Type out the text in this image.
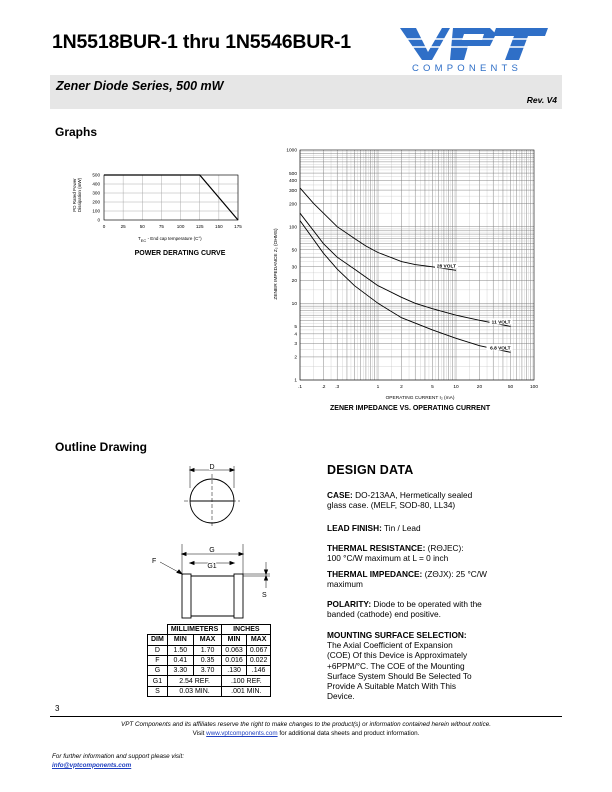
1N5518BUR-1 thru 1N5546BUR-1
COMPONENTS
Zener Diode Series, 500 mW
Rev. V4
Graphs
0	25	50	75	100 125 150 175
0
100
200
300
400
500
PD Rated Power Dissipation (mW)
$T_{EC}$ - End cap temperature (C°)
POWER DERATING CURVE
28 VOLT
11 VOLT
6.8 VOLT
.1	.2 .3	1	2	5	10	20	50	100
1
2
3
4
5
10
20
30
50
100
200
300
400
500
1000
ZENER IMPEDANCE Z₂ (OHMS)
OPERATING CURRENT I₂ (mA)
ZENER IMPEDANCE VS. OPERATING CURRENT
Outline Drawing
D
G
G1
F
S
	MILLIMETERS		INCHES	
DIM	MIN	MAX	MIN	MAX
D	1.50	1.70	0.063	0.067
F	0.41	0.35	0.016	0.022
G	3.30	3.70	.130	.146
G1	2.54 REF.		.100 REF.	
S	0.03 MIN.		.001 MIN.	
DESIGN DATA
CASE: DO-213AA, Hermetically sealed glass case. (MELF, SOD-80, LL34)
LEAD FINISH: Tin / Lead
THERMAL RESISTANCE: (RΘJEC):
100 °C/W maximum at L = 0 inch
THERMAL IMPEDANCE: (ZΘJX): 25 °C/W maximum
POLARITY: Diode to be operated with the banded (cathode) end positive.
MOUNTING SURFACE SELECTION:
The Axial Coefficient of Expansion (COE) Of this Device is Approximately +6PPM/°C. The COE of the Mounting Surface System Should Be Selected To Provide A Suitable Match With This Device.
3
VPT Components and its affiliates reserve the right to make changes to the product(s) or information contained herein without notice.
Visit www.vptcomponents.com for additional data sheets and product information.
For further information and support please visit:
info@vptcomponents.com
